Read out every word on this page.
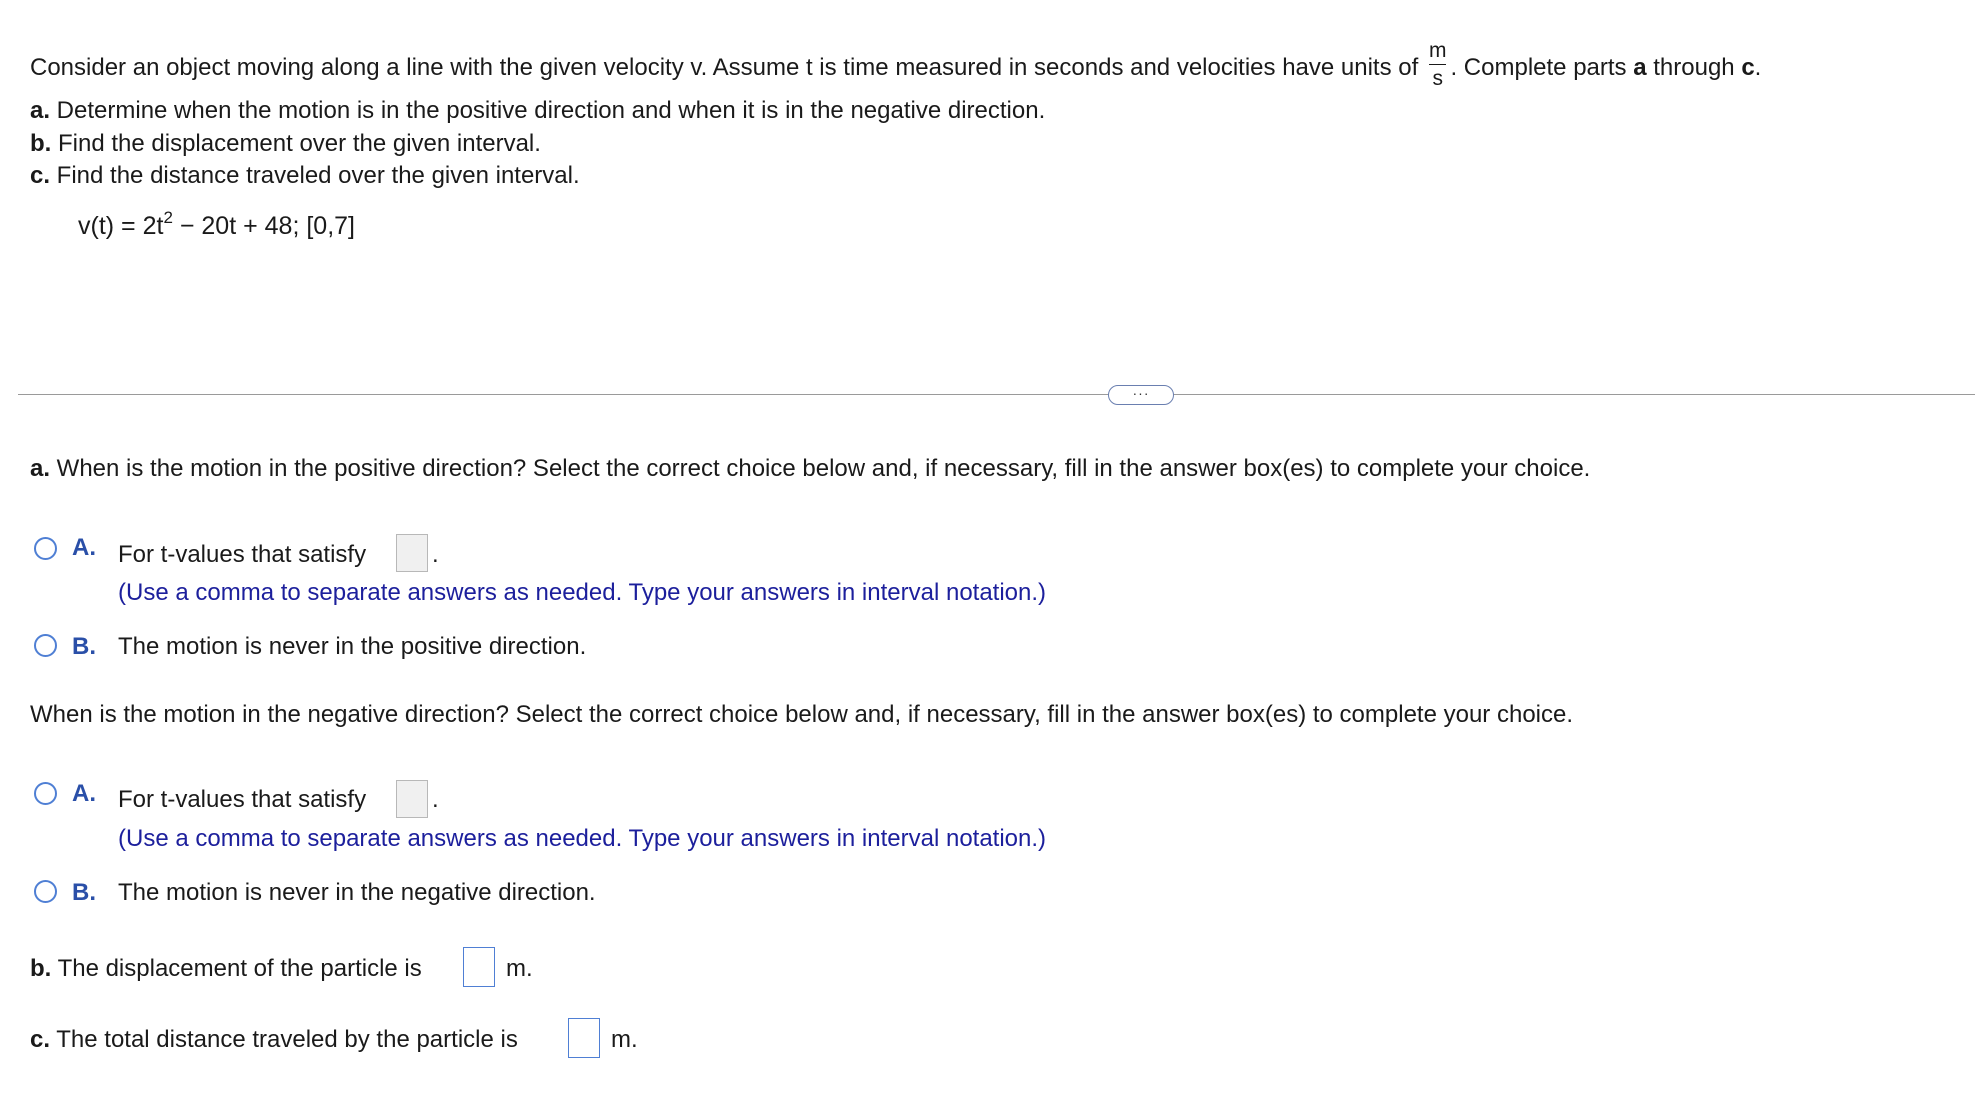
Consider an object moving along a line with the given velocity v. Assume t is time measured in seconds and velocities have units of $\frac{m}{s}$ . Complete parts a through c.
a. Determine when the motion is in the positive direction and when it is in the negative direction.
b. Find the displacement over the given interval.
c. Find the distance traveled over the given interval.
$v(t) = 2t^2 - 20t + 48$; [0,7]
···
a. When is the motion in the positive direction? Select the correct choice below and, if necessary, fill in the answer box(es) to complete your choice.
A. For t-values that satisfy	.
(Use a comma to separate answers as needed. Type your answers in interval notation.)
B. The motion is never in the positive direction.
When is the motion in the negative direction? Select the correct choice below and, if necessary, fill in the answer box(es) to complete your choice.
A. For t-values that satisfy	.
(Use a comma to separate answers as needed. Type your answers in interval notation.)
B. The motion is never in the negative direction.
b. The displacement of the particle is	m.
c. The total distance traveled by the particle is	m.
